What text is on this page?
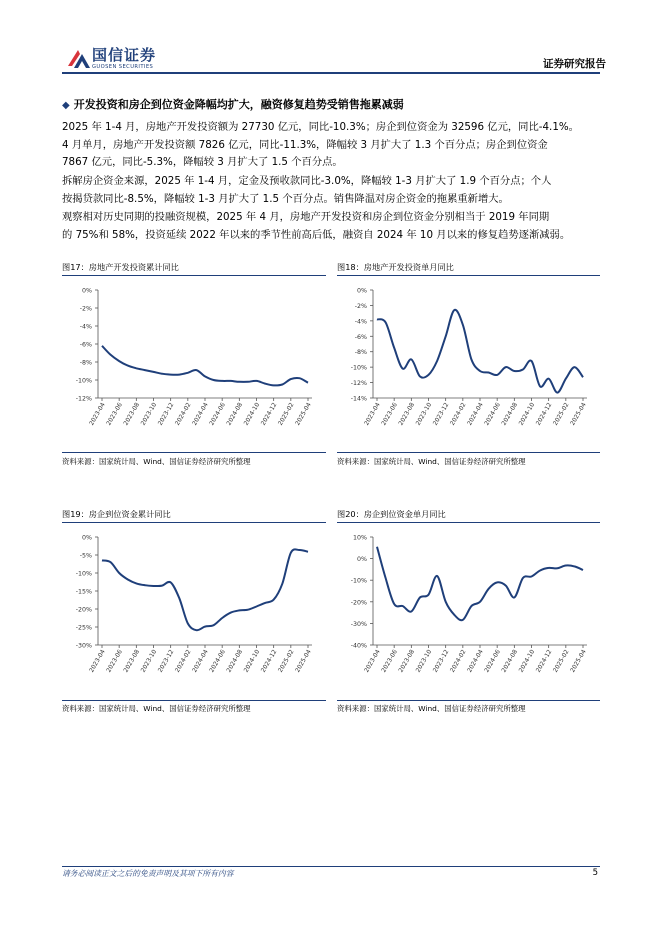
国信证券
GUOSEN SECURITIES	证券研究报告
◆ 开发投资和房企到位资金降幅均扩大，融资修复趋势受销售拖累减弱
2025 年 1-4 月，房地产开发投资额为 27730 亿元，同比-10.3%；房企到位资金为 32596 亿元，同比-4.1%。
4 月单月，房地产开发投资额 7826 亿元，同比-11.3%，降幅较 3 月扩大了 1.3 个百分点；房企到位资金
7867 亿元，同比-5.3%，降幅较 3 月扩大了 1.5 个百分点。
拆解房企资金来源，2025 年 1-4 月，定金及预收款同比-3.0%，降幅较 1-3 月扩大了 1.9 个百分点；个人
按揭贷款同比-8.5%，降幅较 1-3 月扩大了 1.5 个百分点。销售降温对房企资金的拖累重新增大。
观察相对历史同期的投融资规模，2025 年 4 月，房地产开发投资和房企到位资金分别相当于 2019 年同期
的 75%和 58%，投资延续 2022 年以来的季节性前高后低，融资自 2024 年 10 月以来的修复趋势逐渐减弱。
图17：房地产开发投资累计同比
0%
-2%
-4%
-6%
-8%
-10%
-12%
2023-04
2023-06
2023-08
2023-10
2023-12
2024-02
2024-04
2024-06
2024-08
2024-10
2024-12
2025-02
2025-04
资料来源：国家统计局、Wind、国信证券经济研究所整理
图18：房地产开发投资单月同比
0%
-2%
-4%
-6%
-8%
-10%
-12%
-14%
2023-04
2023-06
2023-08
2023-10
2023-12
2024-02
2024-04
2024-06
2024-08
2024-10
2024-12
2025-02
2025-04
资料来源：国家统计局、Wind、国信证券经济研究所整理
图19：房企到位资金累计同比
0%
-5%
-10%
-15%
-20%
-25%
-30%
2023-04
2023-06
2023-08
2023-10
2023-12
2024-02
2024-04
2024-06
2024-08
2024-10
2024-12
2025-02
2025-04
资料来源：国家统计局、Wind、国信证券经济研究所整理
图20：房企到位资金单月同比
10%
0%
-10%
-20%
-30%
-40%
2023-04
2023-06
2023-08
2023-10
2023-12
2024-02
2024-04
2024-06
2024-08
2024-10
2024-12
2025-02
2025-04
资料来源：国家统计局、Wind、国信证券经济研究所整理
请务必阅读正文之后的免责声明及其项下所有内容	5
